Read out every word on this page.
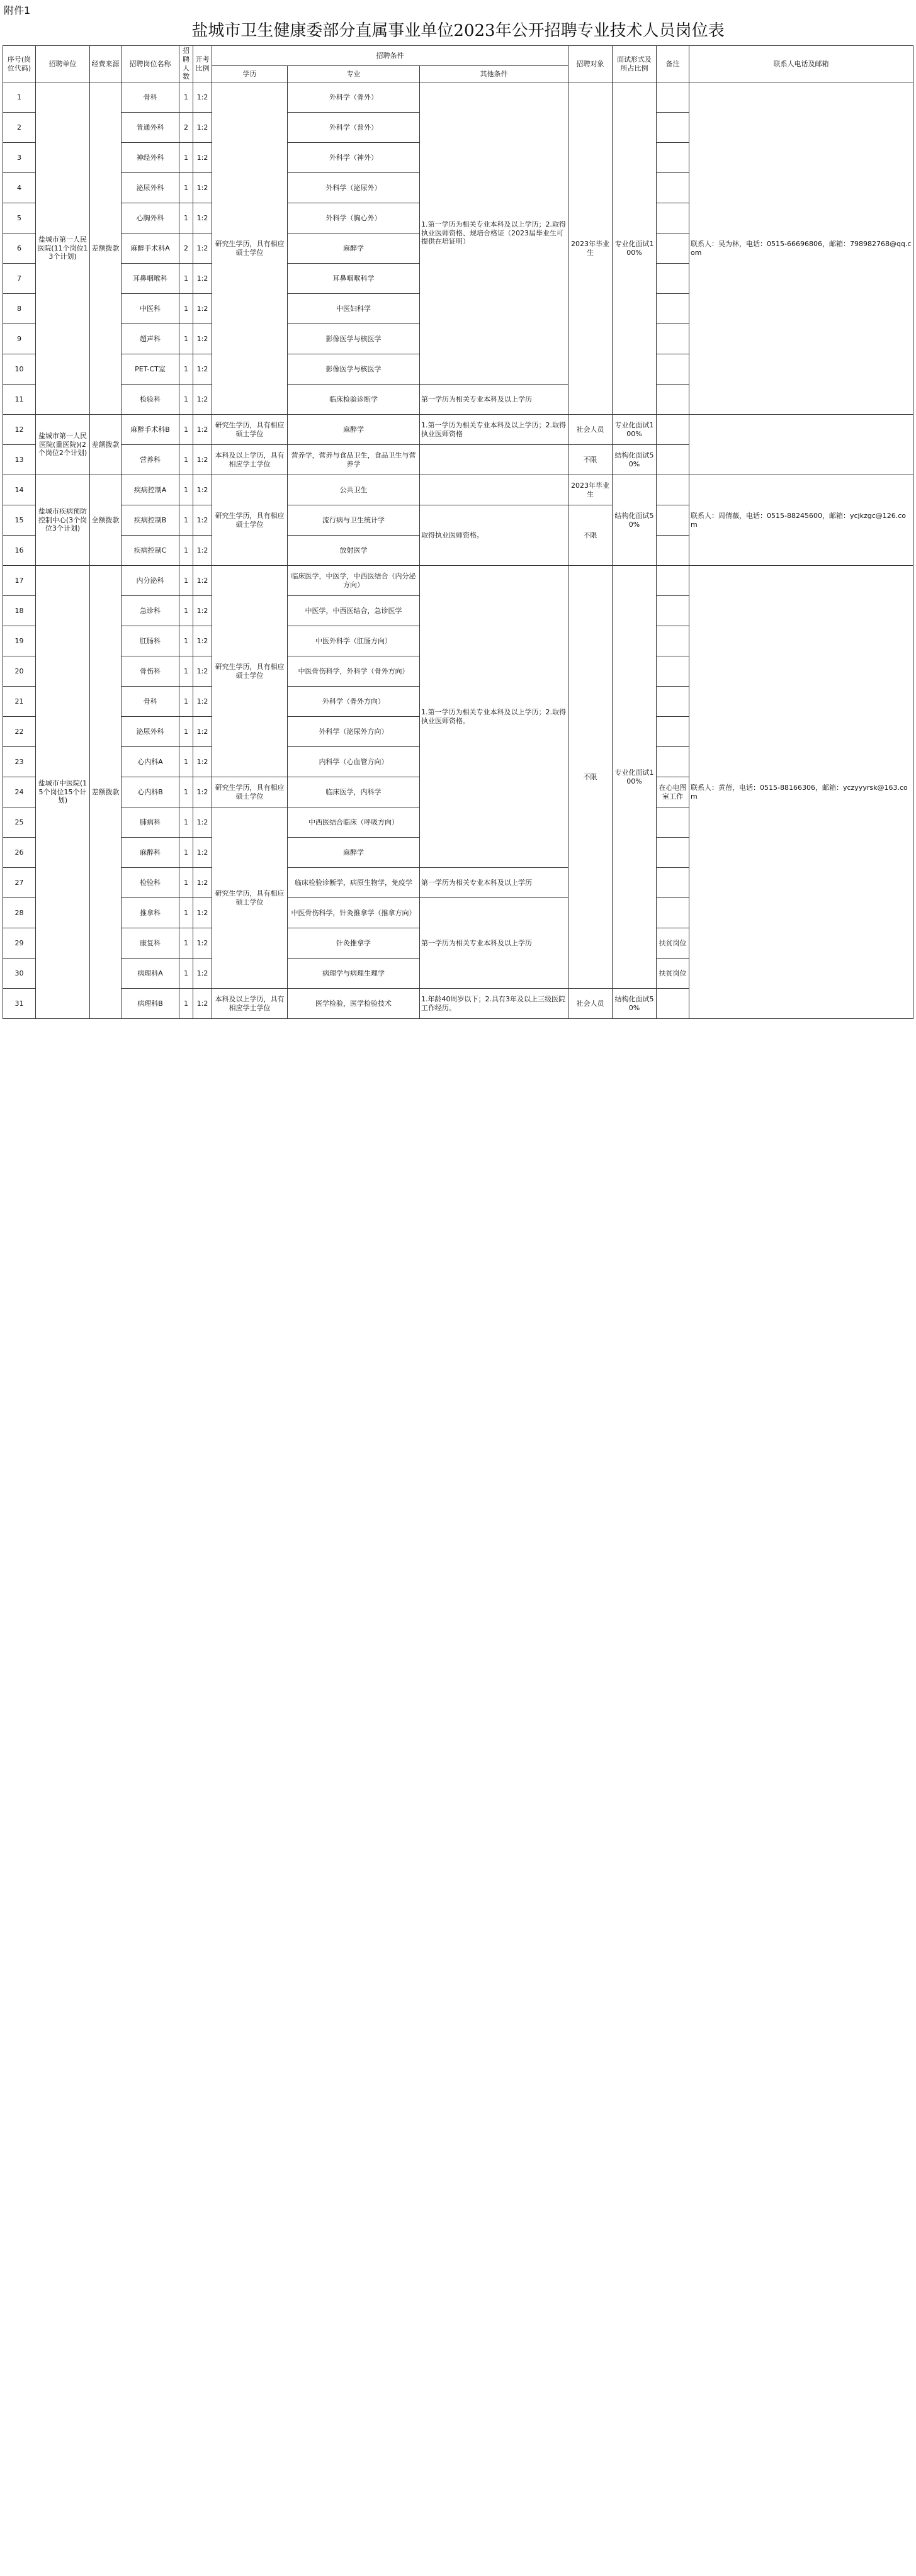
附件1
盐城市卫生健康委部分直属事业单位2023年公开招聘专业技术人员岗位表
序号(岗位代码)	招聘单位	经费来源	招聘岗位名称	招聘人数	开考比例	招聘条件			招聘对象	面试形式及所占比例	备注	联系人电话及邮箱
						学历	专业	其他条件				
1	盐城市第一人民医院(11个岗位13个计划)	差额拨款	骨科	1	1:2	研究生学历，具有相应硕士学位	外科学（骨外）	1.第一学历为相关专业本科及以上学历；2.取得执业医师资格、规培合格证（2023届毕业生可提供在培证明）	2023年毕业生	专业化面试100%		联系人：吴为林，电话：0515-66696806，邮箱：798982768@qq.com
2			普通外科	2	1:2		外科学（普外）					
3			神经外科	1	1:2		外科学（神外）					
4			泌尿外科	1	1:2		外科学（泌尿外）					
5			心胸外科	1	1:2		外科学（胸心外）					
6			麻醉手术科A	2	1:2		麻醉学					
7			耳鼻咽喉科	1	1:2		耳鼻咽喉科学					
8			中医科	1	1:2		中医妇科学					
9			超声科	1	1:2		影像医学与核医学					
10			PET-CT室	1	1:2		影像医学与核医学					
11			检验科	1	1:2		临床检验诊断学	第一学历为相关专业本科及以上学历				
12	盐城市第一人民医院(重医院)(2个岗位2个计划)	差额拨款	麻醉手术科B	1	1:2	研究生学历，具有相应硕士学位	麻醉学	1.第一学历为相关专业本科及以上学历；2.取得执业医师资格	社会人员	专业化面试100%		
13			营养科	1	1:2	本科及以上学历，具有相应学士学位	营养学，营养与食品卫生，食品卫生与营养学		不限	结构化面试50%		
14	盐城市疾病预防控制中心(3个岗位3个计划)	全额拨款	疾病控制A	1	1:2	研究生学历，具有相应硕士学位	公共卫生		2023年毕业生	结构化面试50%		联系人：周倩薇，电话：0515-88245600，邮箱：ycjkzgc@126.com
15			疾病控制B	1	1:2		流行病与卫生统计学	取得执业医师资格。	不限			
16			疾病控制C	1	1:2		放射医学					
17	盐城市中医院(15个岗位15个计划)	差额拨款	内分泌科	1	1:2	研究生学历，具有相应硕士学位	临床医学，中医学，中西医结合（内分泌方向）	1.第一学历为相关专业本科及以上学历；2.取得执业医师资格。	不限	专业化面试100%		联系人：黄蓓，电话：0515-88166306，邮箱：yczyyyrsk@163.com
18			急诊科	1	1:2		中医学，中西医结合，急诊医学					
19			肛肠科	1	1:2		中医外科学（肛肠方向）					
20			骨伤科	1	1:2		中医骨伤科学，外科学（骨外方向）					
21			骨科	1	1:2		外科学（骨外方向）					
22			泌尿外科	1	1:2		外科学（泌尿外方向）					
23			心内科A	1	1:2		内科学（心血管方向）					
24			心内科B	1	1:2	研究生学历，具有相应硕士学位	临床医学，内科学				在心电图室工作	
25			肺病科	1	1:2	研究生学历，具有相应硕士学位	中西医结合临床（呼吸方向）					
26			麻醉科	1	1:2		麻醉学					
27			检验科	1	1:2		临床检验诊断学，病原生物学，免疫学	第一学历为相关专业本科及以上学历				
28			推拿科	1	1:2		中医骨伤科学，针灸推拿学（推拿方向）	第一学历为相关专业本科及以上学历				
29			康复科	1	1:2		针灸推拿学				扶贫岗位	
30			病理科A	1	1:2		病理学与病理生理学				扶贫岗位	
31			病理科B	1	1:2	本科及以上学历，具有相应学士学位	医学检验，医学检验技术	1.年龄40周岁以下；2.具有3年及以上三级医院工作经历。	社会人员	结构化面试50%		
